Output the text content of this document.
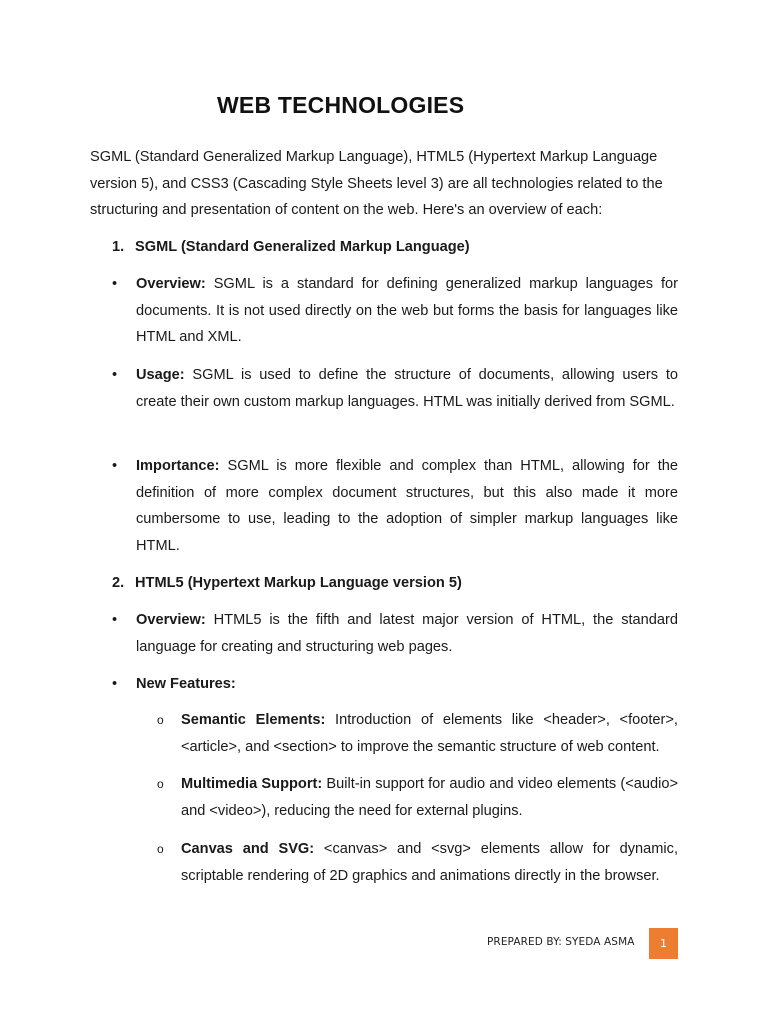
WEB TECHNOLOGIES
SGML (Standard Generalized Markup Language), HTML5 (Hypertext Markup Language version 5), and CSS3 (Cascading Style Sheets level 3) are all technologies related to the structuring and presentation of content on the web. Here's an overview of each:
1. SGML (Standard Generalized Markup Language)
•	Overview: SGML is a standard for defining generalized markup languages for documents. It is not used directly on the web but forms the basis for languages like HTML and XML.
•	Usage: SGML is used to define the structure of documents, allowing users to create their own custom markup languages. HTML was initially derived from SGML.
•	Importance: SGML is more flexible and complex than HTML, allowing for the definition of more complex document structures, but this also made it more cumbersome to use, leading to the adoption of simpler markup languages like HTML.
2. HTML5 (Hypertext Markup Language version 5)
•	Overview: HTML5 is the fifth and latest major version of HTML, the standard language for creating and structuring web pages.
•	New Features:
o Semantic Elements: Introduction of elements like <header>, <footer>, <article>, and <section> to improve the semantic structure of web content.
o Multimedia Support: Built-in support for audio and video elements (<audio> and <video>), reducing the need for external plugins.
o Canvas and SVG: <canvas> and <svg> elements allow for dynamic, scriptable rendering of 2D graphics and animations directly in the browser.
PREPARED BY: SYEDA ASMA	1
